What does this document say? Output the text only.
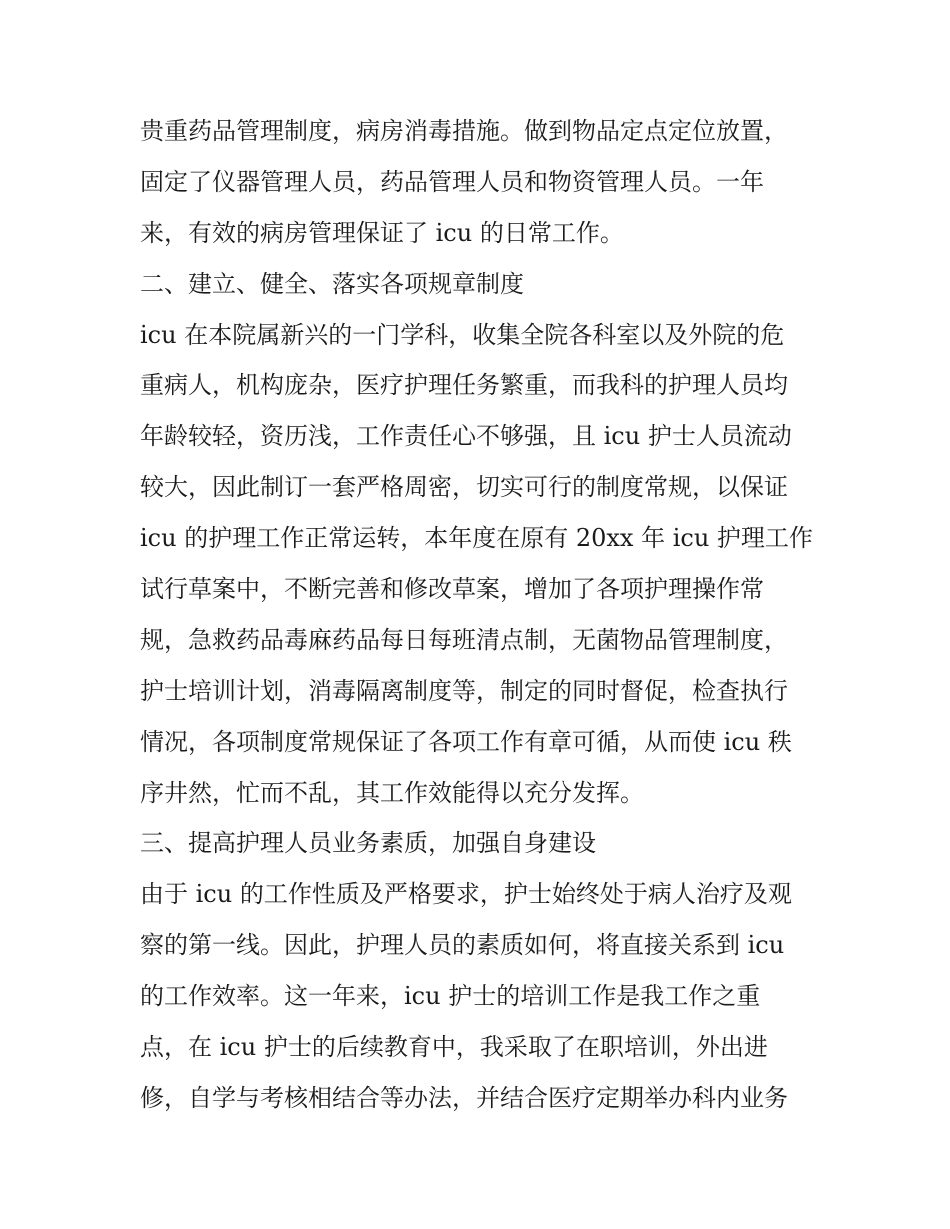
贵重药品管理制度，病房消毒措施。做到物品定点定位放置，
固定了仪器管理人员，药品管理人员和物资管理人员。一年
来，有效的病房管理保证了 icu 的日常工作。
二、建立、健全、落实各项规章制度
icu 在本院属新兴的一门学科，收集全院各科室以及外院的危
重病人，机构庞杂，医疗护理任务繁重，而我科的护理人员均
年龄较轻，资历浅，工作责任心不够强，且 icu 护士人员流动
较大，因此制订一套严格周密，切实可行的制度常规，以保证
icu 的护理工作正常运转，本年度在原有 20xx 年 icu 护理工作
试行草案中，不断完善和修改草案，增加了各项护理操作常
规，急救药品毒麻药品每日每班清点制，无菌物品管理制度，
护士培训计划，消毒隔离制度等，制定的同时督促，检查执行
情况，各项制度常规保证了各项工作有章可循，从而使 icu 秩
序井然，忙而不乱，其工作效能得以充分发挥。
三、提高护理人员业务素质，加强自身建设
由于 icu 的工作性质及严格要求，护士始终处于病人治疗及观
察的第一线。因此，护理人员的素质如何，将直接关系到 icu
的工作效率。这一年来，icu 护士的培训工作是我工作之重
点，在 icu 护士的后续教育中，我采取了在职培训，外出进
修，自学与考核相结合等办法，并结合医疗定期举办科内业务
